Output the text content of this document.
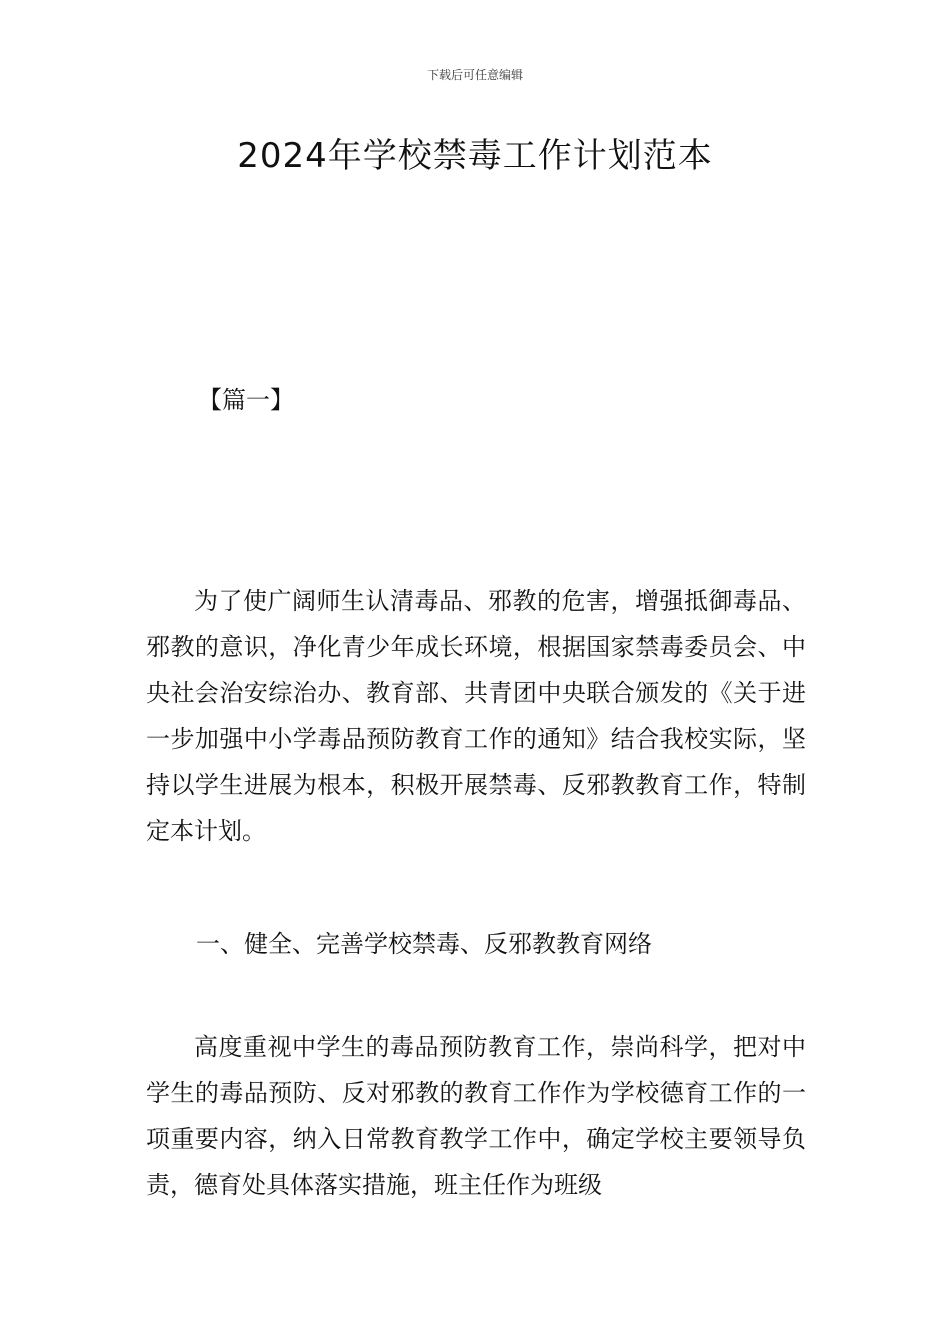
下载后可任意编辑
2024年学校禁毒工作计划范本
【篇一】

为了使广阔师生认清毒品、邪教的危害，增强抵御毒品、邪教的意识，净化青少年成长环境，根据国家禁毒委员会、中央社会治安综治办、教育部、共青团中央联合颁发的《关于进一步加强中小学毒品预防教育工作的通知》结合我校实际，坚持以学生进展为根本，积极开展禁毒、反邪教教育工作，特制定本计划。

一、健全、完善学校禁毒、反邪教教育网络

高度重视中学生的毒品预防教育工作，崇尚科学，把对中学生的毒品预防、反对邪教的教育工作作为学校德育工作的一项重要内容，纳入日常教育教学工作中，确定学校主要领导负责，德育处具体落实措施，班主任作为班级
